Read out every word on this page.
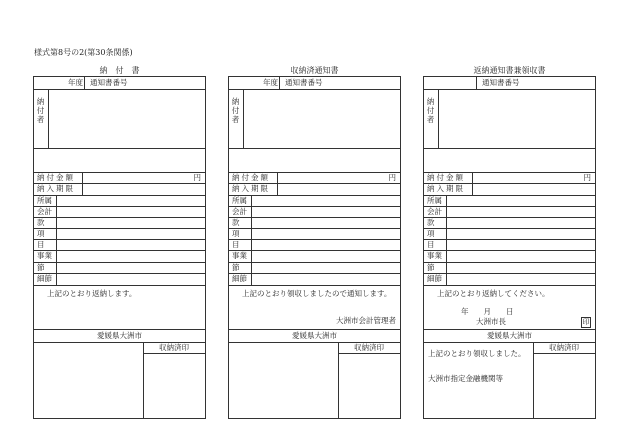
様式第8号の2(第30条関係)
納　付　書
年度 通知書番号
納
付
者
納付金額	円
納入期限
所属
会計
款
項
目
事業
節
細節
上記のとおり返納します。
愛媛県大洲市
収納済印
収納済通知書
年度 通知書番号
納
付
者
納付金額	円
納入期限
所属
会計
款
項
目
事業
節
細節
上記のとおり領収しましたので通知します。
大洲市会計管理者
愛媛県大洲市
収納済印
返納通知書兼領収書
通知書番号
納
付
者
納付金額	円
納入期限
所属
会計
款
項
目
事業
節
細節
上記のとおり返納してください。
年　　月　　日
大洲市長	印
愛媛県大洲市
収納済印
上記のとおり領収しました。
大洲市指定金融機関等
